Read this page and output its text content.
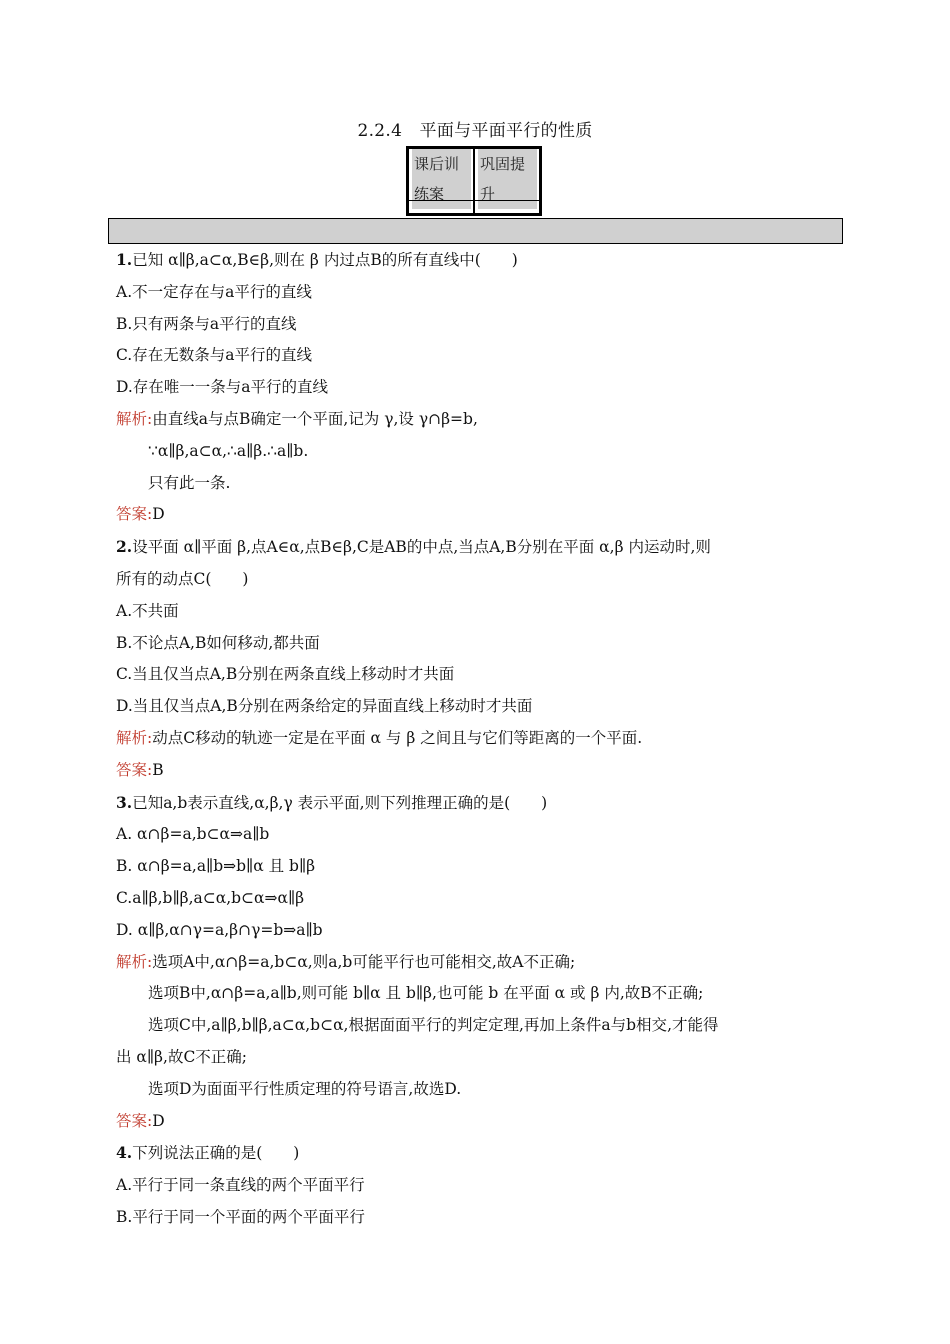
2.2.4　平面与平面平行的性质
课后训练案
巩固提升
1.已知 α∥β,a⊂α,B∈β,则在 β 内过点B的所有直线中(　　)
A.不一定存在与a平行的直线
B.只有两条与a平行的直线
C.存在无数条与a平行的直线
D.存在唯一一条与a平行的直线
解析:由直线a与点B确定一个平面,记为 γ,设 γ∩β=b,
∵α∥β,a⊂α,∴a∥β.∴a∥b.
只有此一条.
答案:D
2.设平面 α∥平面 β,点A∈α,点B∈β,C是AB的中点,当点A,B分别在平面 α,β 内运动时,则
所有的动点C(　　)
A.不共面
B.不论点A,B如何移动,都共面
C.当且仅当点A,B分别在两条直线上移动时才共面
D.当且仅当点A,B分别在两条给定的异面直线上移动时才共面
解析:动点C移动的轨迹一定是在平面 α 与 β 之间且与它们等距离的一个平面.
答案:B
3.已知a,b表示直线,α,β,γ 表示平面,则下列推理正确的是(　　)
A. α∩β=a,b⊂α⇒a∥b
B. α∩β=a,a∥b⇒b∥α 且 b∥β
C.a∥β,b∥β,a⊂α,b⊂α⇒α∥β
D. α∥β,α∩γ=a,β∩γ=b⇒a∥b
解析:选项A中,α∩β=a,b⊂α,则a,b可能平行也可能相交,故A不正确;
选项B中,α∩β=a,a∥b,则可能 b∥α 且 b∥β,也可能 b 在平面 α 或 β 内,故B不正确;
选项C中,a∥β,b∥β,a⊂α,b⊂α,根据面面平行的判定定理,再加上条件a与b相交,才能得
出 α∥β,故C不正确;
选项D为面面平行性质定理的符号语言,故选D.
答案:D
4.下列说法正确的是(　　)
A.平行于同一条直线的两个平面平行
B.平行于同一个平面的两个平面平行
